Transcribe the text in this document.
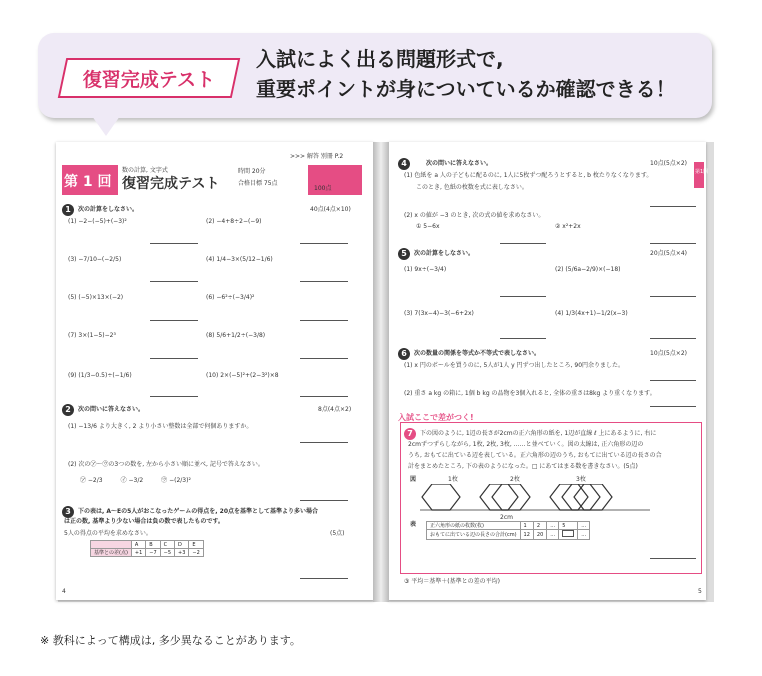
復習完成テスト
入試によく出る問題形式で,
重要ポイントが身についているか確認できる！
>>> 解答 別冊 P.2
第 1 回
数の計算, 文字式
復習完成テスト
時間 20分
合格目標 75点
100点
1	次の計算をしなさい。	40点(4点×10)
(1) −2−(−5)+(−3)²	(2) −4+8÷2−(−9)
(3) −7/10−(−2/5)	(4) 1/4−3×(5/12−1/6)
(5) (−5)×13×(−2)	(6) −6²÷(−3/4)²
(7) 3×(1−5)−2³	(8) 5/6+1/2÷(−3/8)
(9) (1/3−0.5)÷(−1/6)	(10) 2×(−5)²+(2−3²)×8
2	次の問いに答えなさい。	8点(4点×2)
(1) −13/6 より大きく, 2 より小さい整数は全部で何個ありますか。
(2) 次の㋐〜㋒の3つの数を, 左から小さい順に並べ, 記号で答えなさい。
㋐ −2/3　　　㋑ −3/2　　　㋒ −(2/3)²
3	下の表は, A〜Eの5人がおこなったゲームの得点を, 20点を基準として基準より多い場合
は正の数, 基準より少ない場合は負の数で表したものです。
5人の得点の平均を求めなさい。	(5点)
	A	B	C	D	E
基準との差(点)	+1	−7	−5	+3	−2
4
第1回
4	次の問いに答えなさい。	10点(5点×2)
(1) 色紙を a 人の子どもに配るのに, 1人に5枚ずつ配ろうとすると, b 枚たりなくなります。
このとき, 色紙の枚数を式に表しなさい。
(2) x の値が −3 のとき, 次の式の値を求めなさい。
① 5−6x	② x²+2x
5	次の計算をしなさい。	20点(5点×4)
(1) 9x÷(−3/4)	(2) (5/6a−2/9)×(−18)
(3) 7(3x−4)−3(−6+2x)	(4) 1/3(4x+1)−1/2(x−3)
6	次の数量の関係を等式か不等式で表しなさい。	10点(5点×2)
(1) x 円のボールを買うのに, 5人が1人 y 円ずつ出したところ, 90円余りました。
(2) 重さ a kg の箱に, 1個 b kg の品物を3個入れると, 全体の重さは8kg より重くなります。
入試ここで差がつく!
7	下の図のように, 1辺の長さが2cmの正六角形の紙を, 1辺が直線 ℓ 上にあるように, 右に
2cmずつずらしながら, 1枚, 2枚, 3枚, ……と並べていく。図の太線は, 正六角形の辺の
うち, おもてに出ている辺を表している。正六角形の辺のうち, おもてに出ている辺の長さの合
計をまとめたところ, 下の表のようになった。□ にあてはまる数を書きなさい。(5点)
図	1枚	2枚	3枚
2cm
表	正六角形の紙の枚数(枚)	1	2	…	5	…
おもてに出ている辺の長さの合計(cm)	12	20	…		…
③ 平均＝基準＋(基準との差の平均)
5
※ 教科によって構成は, 多少異なることがあります。
